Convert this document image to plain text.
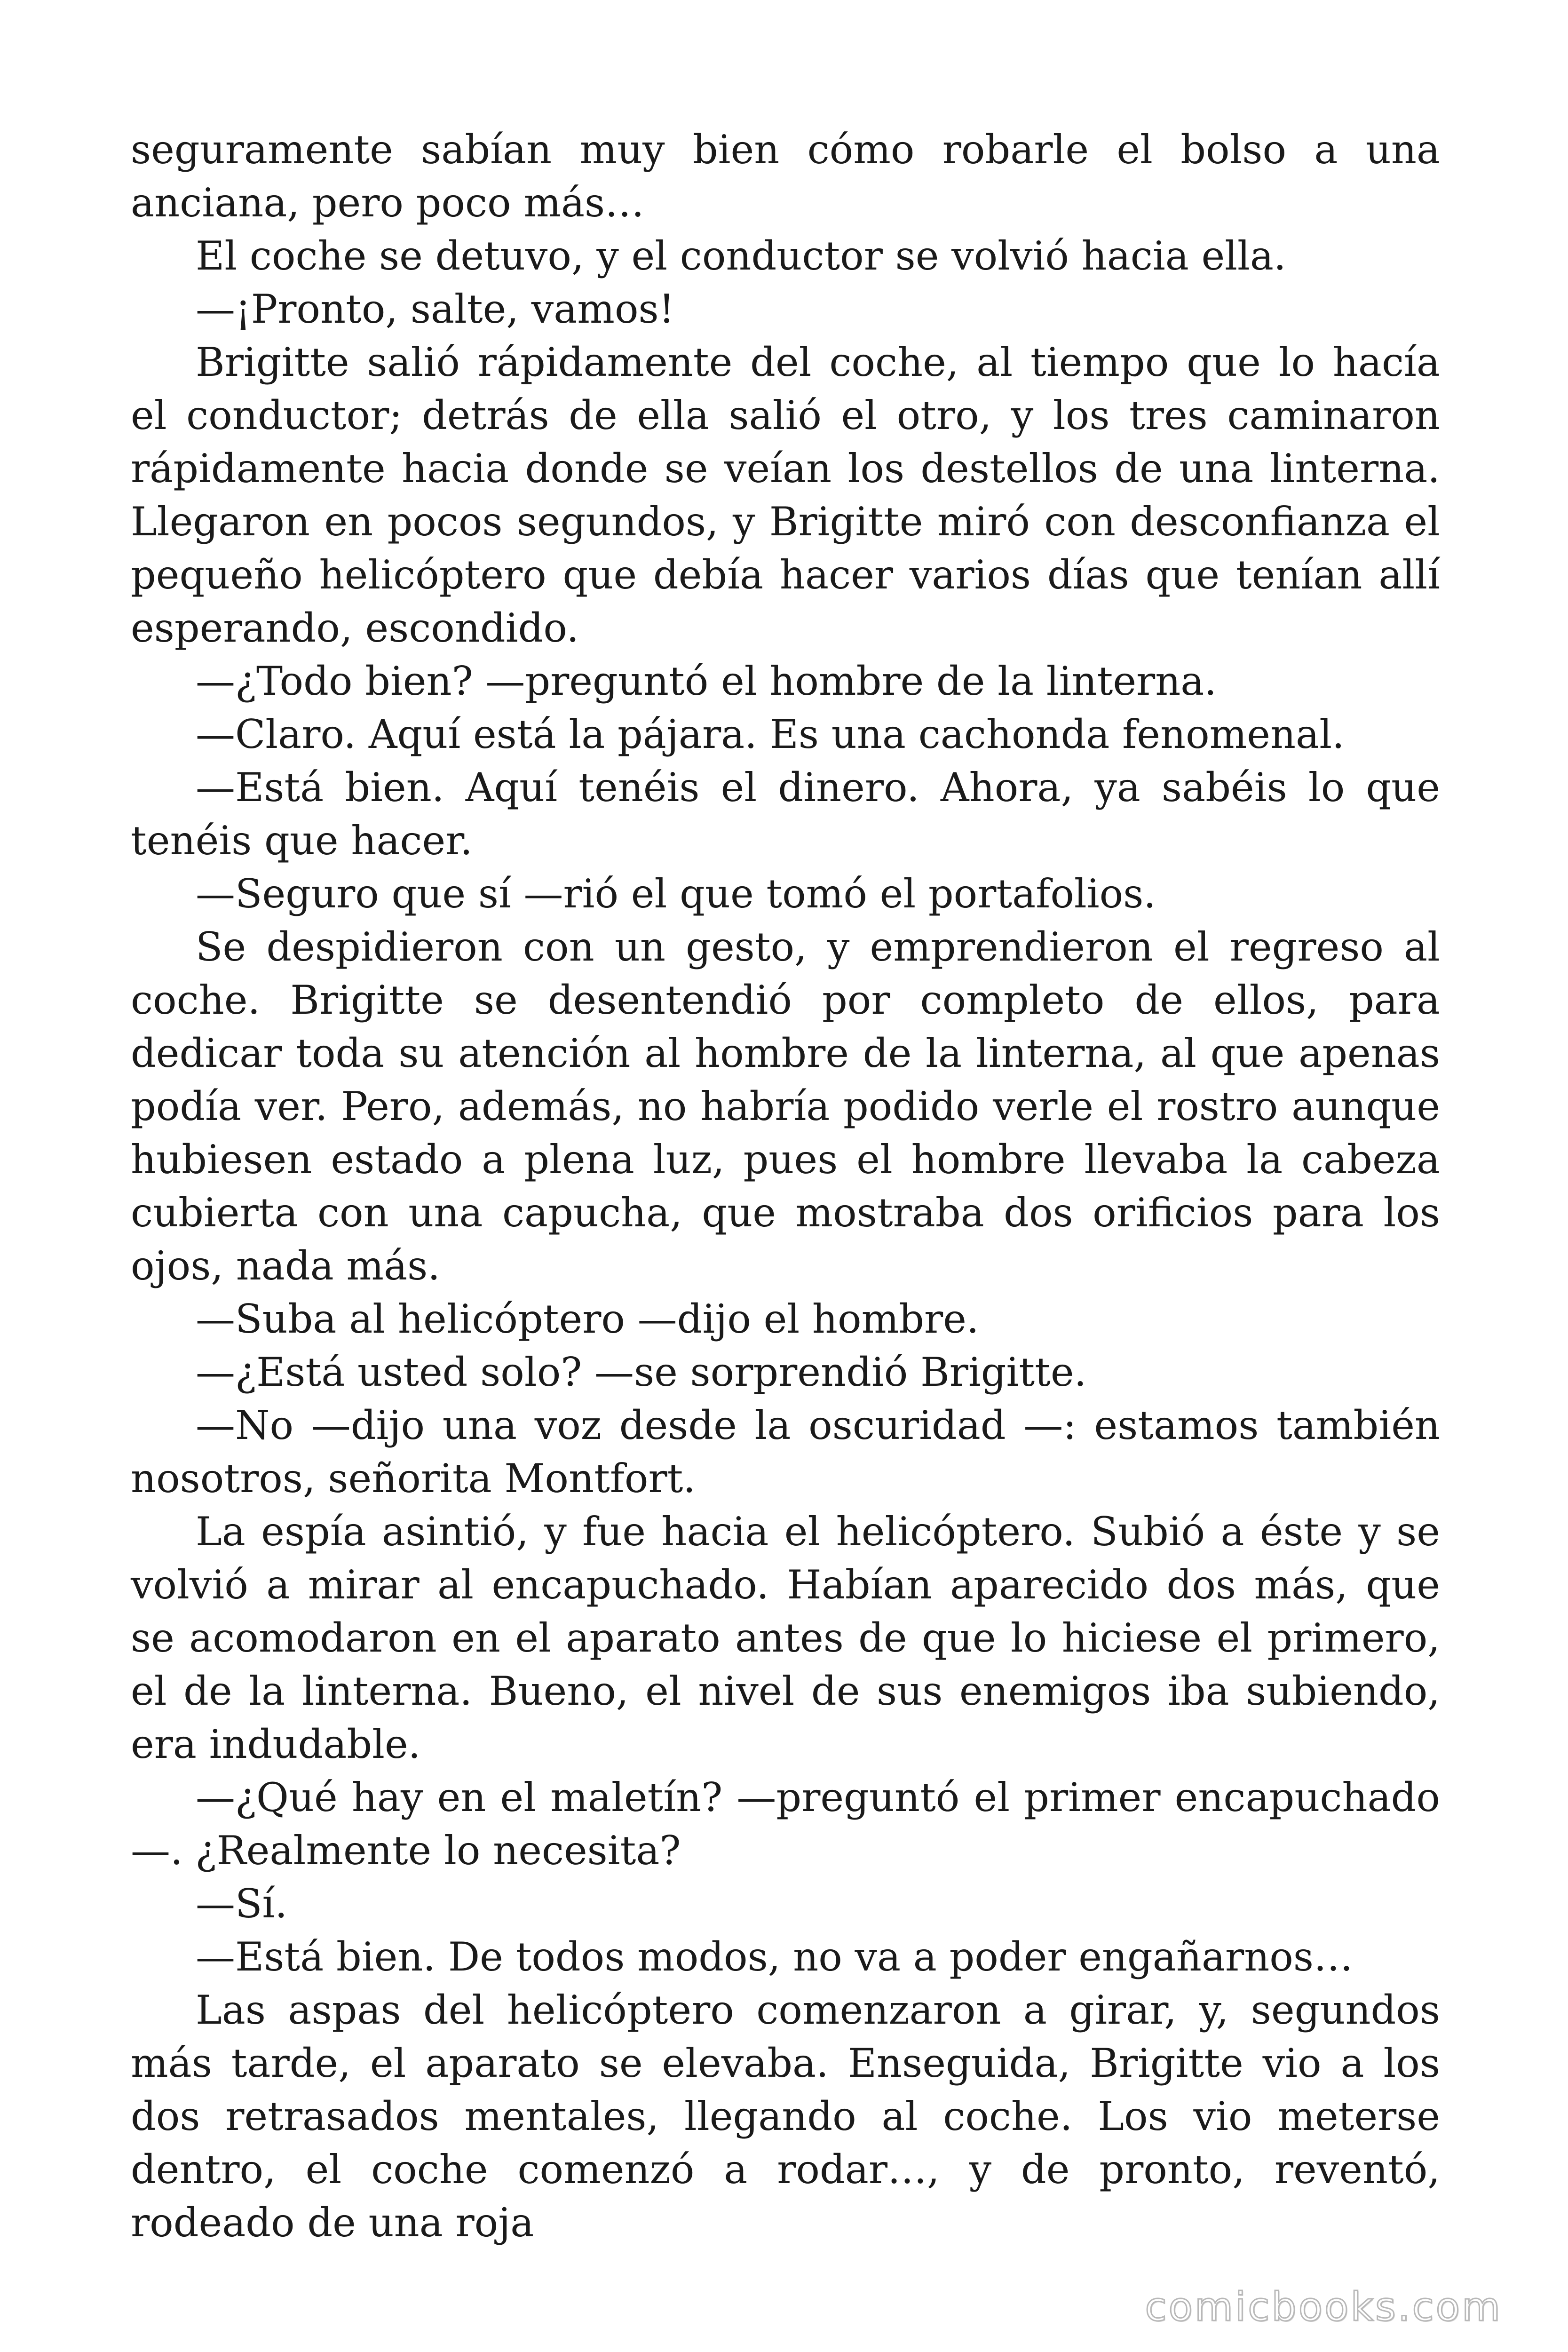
seguramente sabían muy bien cómo robarle el bolso a una anciana, pero poco más…

El coche se detuvo, y el conductor se volvió hacia ella.

—¡Pronto, salte, vamos!

Brigitte salió rápidamente del coche, al tiempo que lo hacía el conductor; detrás de ella salió el otro, y los tres caminaron rápidamente hacia donde se veían los destellos de una linterna. Llegaron en pocos segundos, y Brigitte miró con desconfianza el pequeño helicóptero que debía hacer varios días que tenían allí esperando, escondido.

—¿Todo bien? —preguntó el hombre de la linterna.

—Claro. Aquí está la pájara. Es una cachonda fenomenal.

—Está bien. Aquí tenéis el dinero. Ahora, ya sabéis lo que tenéis que hacer.

—Seguro que sí —rió el que tomó el portafolios.

Se despidieron con un gesto, y emprendieron el regreso al coche. Brigitte se desentendió por completo de ellos, para dedicar toda su atención al hombre de la linterna, al que apenas podía ver. Pero, además, no habría podido verle el rostro aunque hubiesen estado a plena luz, pues el hombre llevaba la cabeza cubierta con una capucha, que mostraba dos orificios para los ojos, nada más.

—Suba al helicóptero —dijo el hombre.

—¿Está usted solo? —se sorprendió Brigitte.

—No —dijo una voz desde la oscuridad —: estamos también nosotros, señorita Montfort.

La espía asintió, y fue hacia el helicóptero. Subió a éste y se volvió a mirar al encapuchado. Habían aparecido dos más, que se acomodaron en el aparato antes de que lo hiciese el primero, el de la linterna. Bueno, el nivel de sus enemigos iba subiendo, era indudable.

—¿Qué hay en el maletín? —preguntó el primer encapuchado—. ¿Realmente lo necesita?

—Sí.

—Está bien. De todos modos, no va a poder engañarnos…

Las aspas del helicóptero comenzaron a girar, y, segundos más tarde, el aparato se elevaba. Enseguida, Brigitte vio a los dos retrasados mentales, llegando al coche. Los vio meterse dentro, el coche comenzó a rodar…, y de pronto, reventó, rodeado de una roja

comicbooks.com
